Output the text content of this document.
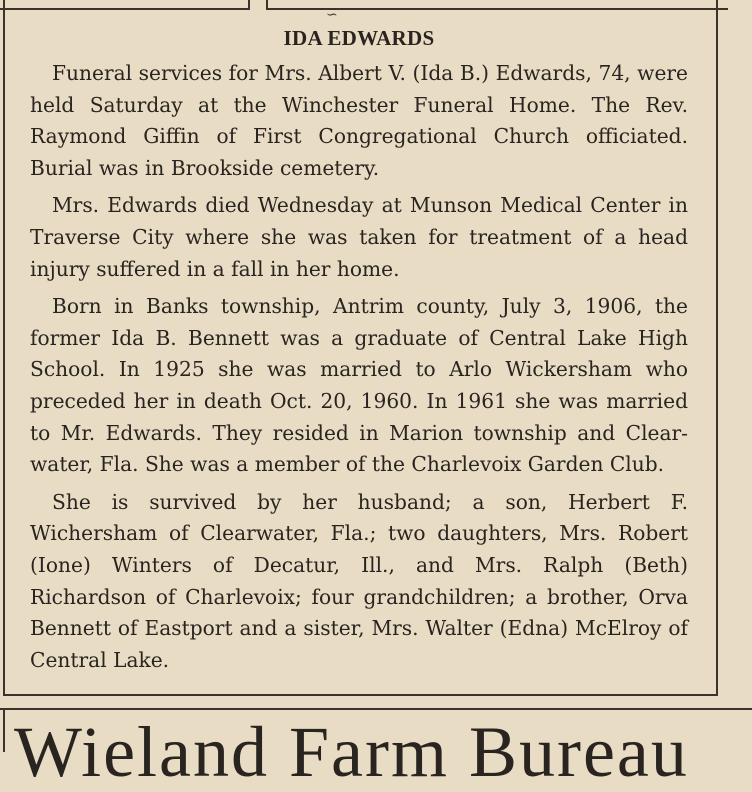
∽
IDA EDWARDS

Funeral services for Mrs. Albert V. (Ida B.) Edwards, 74, were held Saturday at the Winchester Funeral Home. The Rev. Raymond Giffin of First Congregational Church officiated. Burial was in Brookside cemetery.

Mrs. Edwards died Wednesday at Munson Medical Center in Traverse City where she was taken for treatment of a head injury suffered in a fall in her home.

Born in Banks township, Antrim county, July 3, 1906, the former Ida B. Bennett was a graduate of Central Lake High School. In 1925 she was married to Arlo Wickersham who preceded her in death Oct. 20, 1960. In 1961 she was married to Mr. Edwards. They resided in Marion township and Clearwater, Fla. She was a member of the Charlevoix Garden Club.

She is survived by her husband; a son, Herbert F. Wichersham of Clearwater, Fla.; two daughters, Mrs. Robert (Ione) Winters of Decatur, Ill., and Mrs. Ralph (Beth) Richardson of Charlevoix; four grandchildren; a brother, Orva Bennett of Eastport and a sister, Mrs. Walter (Edna) McElroy of Central Lake.

Wieland Farm Bureau
